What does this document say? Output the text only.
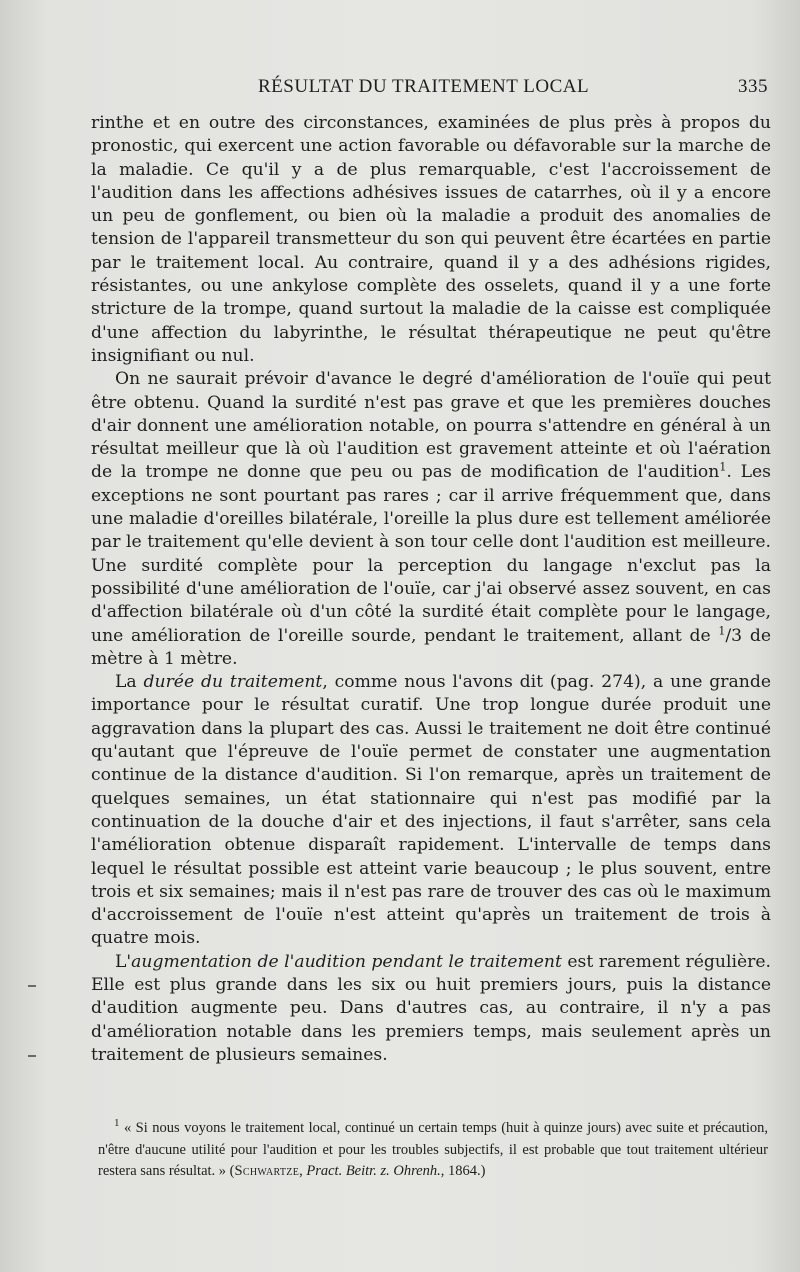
RÉSULTAT DU TRAITEMENT LOCAL	335

rinthe et en outre des circonstances, examinées de plus près à propos du pronostic, qui exercent une action favorable ou défavorable sur la marche de la maladie. Ce qu'il y a de plus remarquable, c'est l'accroissement de l'audition dans les affections adhésives issues de catarrhes, où il y a encore un peu de gonflement, ou bien où la maladie a produit des anomalies de tension de l'appareil transmetteur du son qui peuvent être écartées en partie par le traitement local. Au contraire, quand il y a des adhésions rigides, résistantes, ou une ankylose complète des osselets, quand il y a une forte stricture de la trompe, quand surtout la maladie de la caisse est compliquée d'une affection du labyrinthe, le résultat thérapeutique ne peut qu'être insignifiant ou nul.

On ne saurait prévoir d'avance le degré d'amélioration de l'ouïe qui peut être obtenu. Quand la surdité n'est pas grave et que les premières douches d'air donnent une amélioration notable, on pourra s'attendre en général à un résultat meilleur que là où l'audition est gravement atteinte et où l'aération de la trompe ne donne que peu ou pas de modification de l'audition$^1$. Les exceptions ne sont pourtant pas rares ; car il arrive fréquemment que, dans une maladie d'oreilles bilatérale, l'oreille la plus dure est tellement améliorée par le traitement qu'elle devient à son tour celle dont l'audition est meilleure. Une surdité complète pour la perception du langage n'exclut pas la possibilité d'une amélioration de l'ouïe, car j'ai observé assez souvent, en cas d'affection bilatérale où d'un côté la surdité était complète pour le langage, une amélioration de l'oreille sourde, pendant le traitement, allant de $^1$/3 de mètre à 1 mètre.

La durée du traitement, comme nous l'avons dit (pag. 274), a une grande importance pour le résultat curatif. Une trop longue durée produit une aggravation dans la plupart des cas. Aussi le traitement ne doit être continué qu'autant que l'épreuve de l'ouïe permet de constater une augmentation continue de la distance d'audition. Si l'on remarque, après un traitement de quelques semaines, un état stationnaire qui n'est pas modifié par la continuation de la douche d'air et des injections, il faut s'arrêter, sans cela l'amélioration obtenue disparaît rapidement. L'intervalle de temps dans lequel le résultat possible est atteint varie beaucoup ; le plus souvent, entre trois et six semaines; mais il n'est pas rare de trouver des cas où le maximum d'accroissement de l'ouïe n'est atteint qu'après un traitement de trois à quatre mois.

L'augmentation de l'audition pendant le traitement est rarement régulière. Elle est plus grande dans les six ou huit premiers jours, puis la distance d'audition augmente peu. Dans d'autres cas, au contraire, il n'y a pas d'amélioration notable dans les premiers temps, mais seulement après un traitement de plusieurs semaines.

$^1$ « Si nous voyons le traitement local, continué un certain temps (huit à quinze jours) avec suite et précaution, n'être d'aucune utilité pour l'audition et pour les troubles subjectifs, il est probable que tout traitement ultérieur restera sans résultat. » (Schwartze, Pract. Beitr. z. Ohrenh., 1864.)
